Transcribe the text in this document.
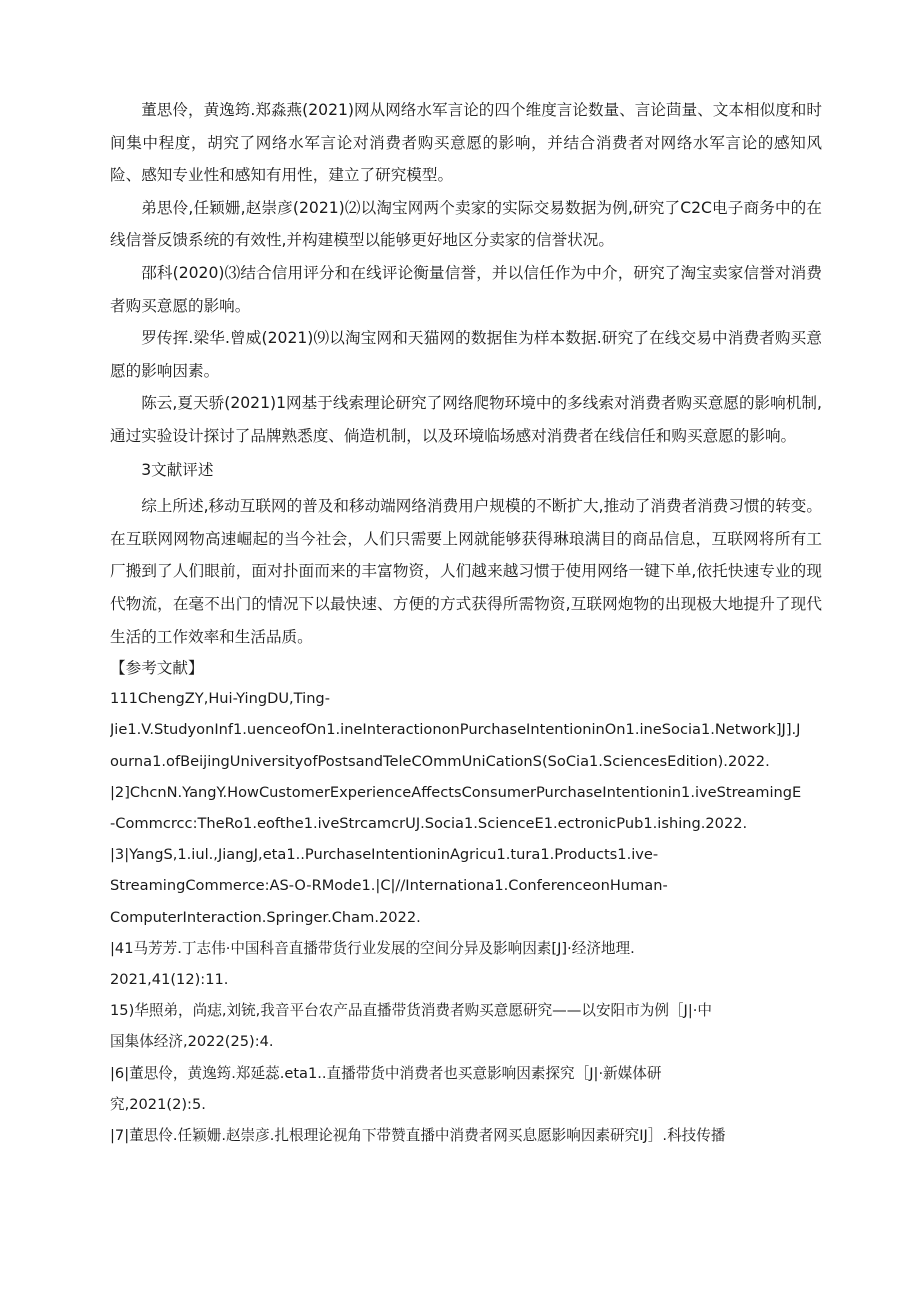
董思伶，黄逸筠.郑淼燕(2021)网从网络水军言论的四个维度言论数量、言论茴量、文本相似度和时间集中程度，胡究了网络水军言论对消费者购买意愿的影响，并结合消费者对网络水军言论的感知风险、感知专业性和感知有用性，建立了研究模型。

弟思伶,任颖姗,赵崇彦(2021)⑵以淘宝网两个卖家的实际交易数据为例,研究了C2C电子商务中的在线信誉反馈系统的有效性,并构建模型以能够更好地区分卖家的信誉状况。

邵科(2020)⑶结合信用评分和在线评论衡量信誉，并以信任作为中介，研究了淘宝卖家信誉对消费者购买意愿的影响。

罗传挥.梁华.曾威(2021)⑼以淘宝网和天猫网的数据隹为样本数据.研究了在线交易中消费者购买意愿的影响因素。

陈云,夏天骄(2021)1网基于线索理论研究了网络爬物环境中的多线索对消费者购买意愿的影响机制,通过实验设计探讨了品牌熟悉度、倘造机制，以及环境临场感对消费者在线信任和购买意愿的影响。

3文献评述

综上所述,移动互联网的普及和移动端网络消费用户规模的不断扩大,推动了消费者消费习惯的转变。在互联网网物高速崛起的当今社会，人们只需要上网就能够获得琳琅满目的商品信息，互联网将所有工厂搬到了人们眼前，面对扑面而来的丰富物资，人们越来越习惯于使用网络一键下单,依托快速专业的现代物流，在毫不出门的情况下以最快速、方便的方式获得所需物资,互联网炮物的出现极大地提升了现代生活的工作效率和生活品质。

【参考文献】

111ChengZY,Hui-YingDU,Ting-
Jie1.V.StudyonInf1.uenceofOn1.ineInteractiononPurchaseIntentioninOn1.ineSocia1.Network]J].J
ourna1.ofBeijingUniversityofPostsandTeleCOmmUniCationS(SoCia1.SciencesEdition).2022.
|2]ChcnN.YangY.HowCustomerExperienceAffectsConsumerPurchaseIntentionin1.iveStreamingE
-Commcrcc:TheRo1.eofthe1.iveStrcamcrUJ.Socia1.ScienceE1.ectronicPub1.ishing.2022.
|3|YangS,1.iul.,JiangJ,eta1..PurchaseIntentioninAgricu1.tura1.Products1.ive-
StreamingCommerce:AS-O-RMode1.|C|//Internationa1.ConferenceonHuman-
ComputerInteraction.Springer.Cham.2022.
|41马芳芳.丁志伟·中国科音直播带货行业发展的空间分异及影响因素[J]·经济地理.
2021,41(12):11.
15)华照弟，尚痣,刘铳,我音平台农产品直播带货消费者购买意愿研究——以安阳市为例［J|·中
国集体经济,2022(25):4.
|6|董思伶，黄逸筠.郑延蕊.eta1..直播带货中消费者也买意影响因素探究［J|·新媒体研
究,2021(2):5.
|7|董思伶.任颖姗.赵崇彦.扎根理论视角下带赞直播中消费者网买息愿影响因素研究IJ］.科技传播
